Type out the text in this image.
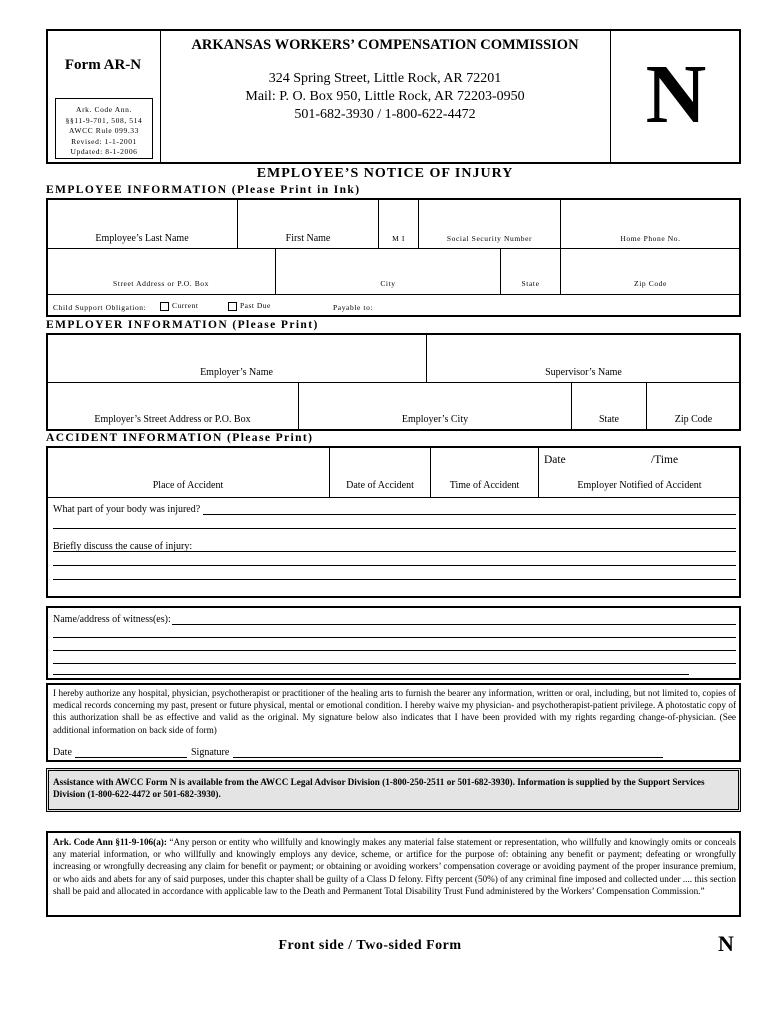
Form AR-N
Ark. Code Ann.
§§11-9-701, 508, 514
AWCC Rule 099.33
Revised: 1-1-2001
Updated: 8-1-2006
ARKANSAS WORKERS’ COMPENSATION COMMISSION
324 Spring Street, Little Rock, AR 72201
Mail: P. O. Box 950, Little Rock, AR 72203-0950
501-682-3930 / 1-800-622-4472	N
EMPLOYEE’S NOTICE OF INJURY
EMPLOYEE INFORMATION (Please Print in Ink)
Employee’s Last Name	First Name	M I	Social Security Number	Home Phone No.
Street Address or P.O. Box	City	State	Zip Code
Child Support Obligation:	Current	Past Due	Payable to:
EMPLOYER INFORMATION (Please Print)
Employer’s Name	Supervisor’s Name
Employer’s Street Address or P.O. Box	Employer’s City	State	Zip Code
ACCIDENT INFORMATION (Please Print)
Date	/Time
Place of Accident	Date of Accident	Time of Accident	Employer Notified of Accident
What part of your body was injured?
Briefly discuss the cause of injury:
Name/address of witness(es):
I hereby authorize any hospital, physician, psychotherapist or practitioner of the healing arts to furnish the bearer any information, written or oral, including, but not limited to, copies of medical records concerning my past, present or future physical, mental or emotional condition. I hereby waive my physician- and psychotherapist-patient privilege. A photostatic copy of this authorization shall be as effective and valid as the original. My signature below also indicates that I have been provided with my rights regarding change-of-physician. (See additional information on back side of form)
Date	Signature
Assistance with AWCC Form N is available from the AWCC Legal Advisor Division (1-800-250-2511 or 501-682-3930). Information is supplied by the Support Services Division (1-800-622-4472 or 501-682-3930).
Ark. Code Ann §11-9-106(a): “Any person or entity who willfully and knowingly makes any material false statement or representation, who willfully and knowingly omits or conceals any material information, or who willfully and knowingly employs any device, scheme, or artifice for the purpose of: obtaining any benefit or payment; defeating or wrongfully increasing or wrongfully decreasing any claim for benefit or payment; or obtaining or avoiding workers’ compensation coverage or avoiding payment of the proper insurance premium, or who aids and abets for any of said purposes, under this chapter shall be guilty of a Class D felony. Fifty percent (50%) of any criminal fine imposed and collected under .... this section shall be paid and allocated in accordance with applicable law to the Death and Permanent Total Disability Trust Fund administered by the Workers’ Compensation Commission.”
Front side / Two-sided Form	N
